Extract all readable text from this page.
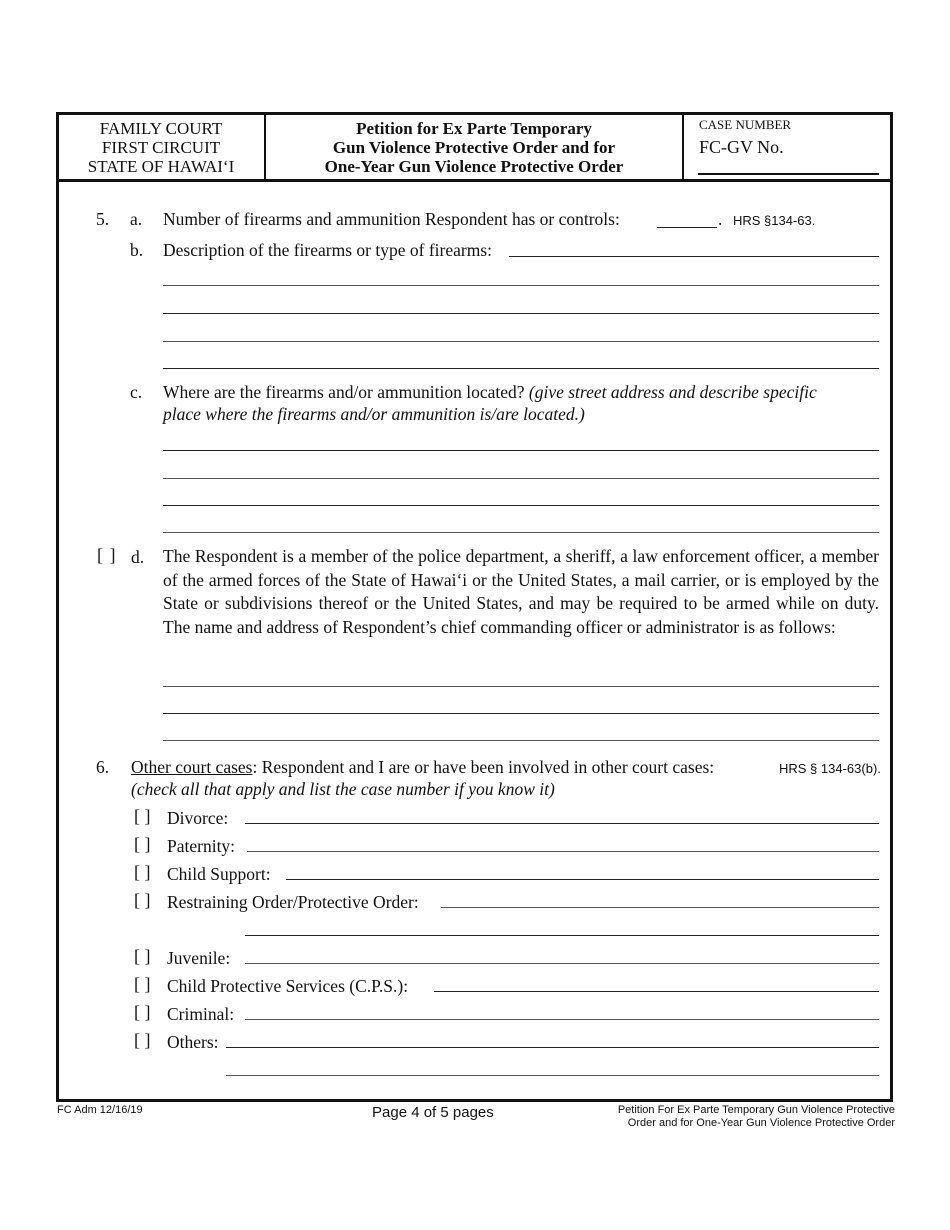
FAMILY COURT
FIRST CIRCUIT
STATE OF HAWAI‘I
Petition for Ex Parte Temporary
Gun Violence Protective Order and for
One-Year Gun Violence Protective Order
CASE NUMBER
FC-GV No.
5. a. Number of firearms and ammunition Respondent has or controls:	. HRS §134-63.
b. Description of the firearms or type of firearms:
c. Where are the firearms and/or ammunition located? (give street address and describe specific
place where the firearms and/or ammunition is/are located.)
[ ] d. The Respondent is a member of the police department, a sheriff, a law enforcement officer, a member of the armed forces of the State of Hawai‘i or the United States, a mail carrier, or is employed by the State or subdivisions thereof or the United States, and may be required to be armed while on duty. The name and address of Respondent’s chief commanding officer or administrator is as follows:
6. Other court cases: Respondent and I are or have been involved in other court cases:	HRS § 134-63(b).
(check all that apply and list the case number if you know it)
[ ] Divorce:
[ ] Paternity:
[ ] Child Support:
[ ] Restraining Order/Protective Order:
[ ] Juvenile:
[ ] Child Protective Services (C.P.S.):
[ ] Criminal:
[ ] Others:
FC Adm 12/16/19	Page 4 of 5 pages	Petition For Ex Parte Temporary Gun Violence Protective
Order and for One-Year Gun Violence Protective Order
